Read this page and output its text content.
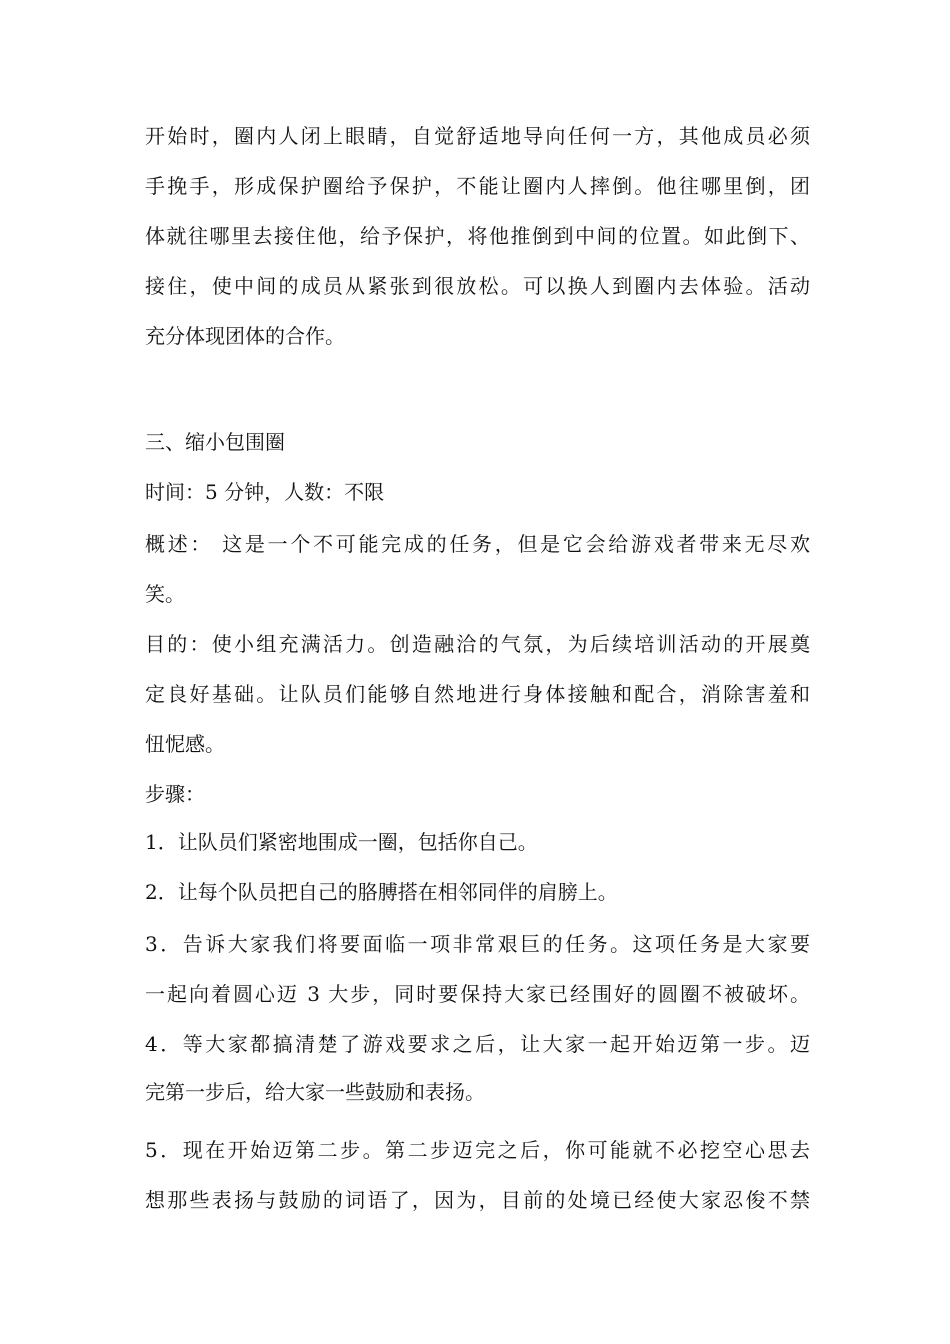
开始时，圈内人闭上眼睛，自觉舒适地导向任何一方，其他成员必须
手挽手，形成保护圈给予保护，不能让圈内人摔倒。他往哪里倒，团
体就往哪里去接住他，给予保护，将他推倒到中间的位置。如此倒下、
接住，使中间的成员从紧张到很放松。可以换人到圈内去体验。活动
充分体现团体的合作。
三、缩小包围圈
时间：5 分钟，人数：不限
概述： 这是一个不可能完成的任务，但是它会给游戏者带来无尽欢
笑。
目的：使小组充满活力。创造融洽的气氛，为后续培训活动的开展奠
定良好基础。让队员们能够自然地进行身体接触和配合，消除害羞和
忸怩感。
步骤：
1．让队员们紧密地围成一圈，包括你自己。
2．让每个队员把自己的胳膊搭在相邻同伴的肩膀上。
3．告诉大家我们将要面临一项非常艰巨的任务。这项任务是大家要
一起向着圆心迈 3 大步，同时要保持大家已经围好的圆圈不被破坏。
4．等大家都搞清楚了游戏要求之后，让大家一起开始迈第一步。迈
完第一步后，给大家一些鼓励和表扬。
5．现在开始迈第二步。第二步迈完之后，你可能就不必挖空心思去
想那些表扬与鼓励的词语了，因为，目前的处境已经使大家忍俊不禁
